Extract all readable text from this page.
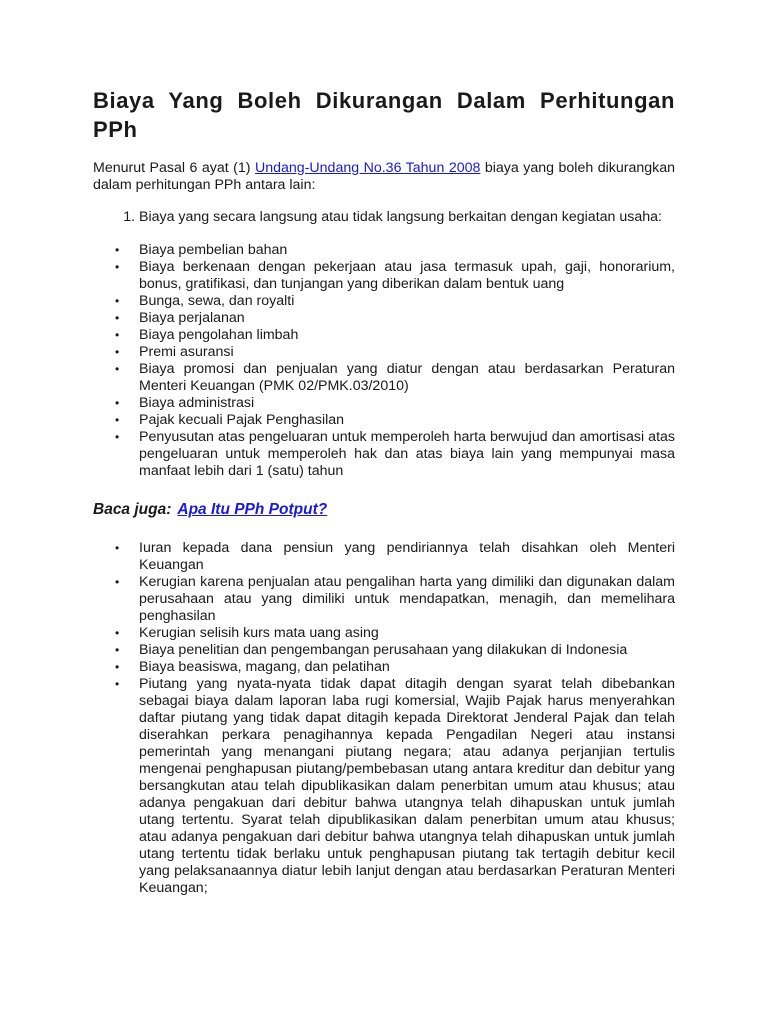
Biaya Yang Boleh Dikurangan Dalam Perhitungan PPh

Menurut Pasal 6 ayat (1) Undang-Undang No.36 Tahun 2008 biaya yang boleh dikurangkan dalam perhitungan PPh antara lain:

1. Biaya yang secara langsung atau tidak langsung berkaitan dengan kegiatan usaha:
• Biaya pembelian bahan
• Biaya berkenaan dengan pekerjaan atau jasa termasuk upah, gaji, honorarium, bonus, gratifikasi, dan tunjangan yang diberikan dalam bentuk uang
• Bunga, sewa, dan royalti
• Biaya perjalanan
• Biaya pengolahan limbah
• Premi asuransi
• Biaya promosi dan penjualan yang diatur dengan atau berdasarkan Peraturan Menteri Keuangan (PMK 02/PMK.03/2010)
• Biaya administrasi
• Pajak kecuali Pajak Penghasilan
• Penyusutan atas pengeluaran untuk memperoleh harta berwujud dan amortisasi atas pengeluaran untuk memperoleh hak dan atas biaya lain yang mempunyai masa manfaat lebih dari 1 (satu) tahun

Baca juga: Apa Itu PPh Potput?

• Iuran kepada dana pensiun yang pendiriannya telah disahkan oleh Menteri Keuangan
• Kerugian karena penjualan atau pengalihan harta yang dimiliki dan digunakan dalam perusahaan atau yang dimiliki untuk mendapatkan, menagih, dan memelihara penghasilan
• Kerugian selisih kurs mata uang asing
• Biaya penelitian dan pengembangan perusahaan yang dilakukan di Indonesia
• Biaya beasiswa, magang, dan pelatihan
• Piutang yang nyata-nyata tidak dapat ditagih dengan syarat telah dibebankan sebagai biaya dalam laporan laba rugi komersial, Wajib Pajak harus menyerahkan daftar piutang yang tidak dapat ditagih kepada Direktorat Jenderal Pajak dan telah diserahkan perkara penagihannya kepada Pengadilan Negeri atau instansi pemerintah yang menangani piutang negara; atau adanya perjanjian tertulis mengenai penghapusan piutang/pembebasan utang antara kreditur dan debitur yang bersangkutan atau telah dipublikasikan dalam penerbitan umum atau khusus; atau adanya pengakuan dari debitur bahwa utangnya telah dihapuskan untuk jumlah utang tertentu. Syarat telah dipublikasikan dalam penerbitan umum atau khusus; atau adanya pengakuan dari debitur bahwa utangnya telah dihapuskan untuk jumlah utang tertentu tidak berlaku untuk penghapusan piutang tak tertagih debitur kecil yang pelaksanaannya diatur lebih lanjut dengan atau berdasarkan Peraturan Menteri Keuangan;
